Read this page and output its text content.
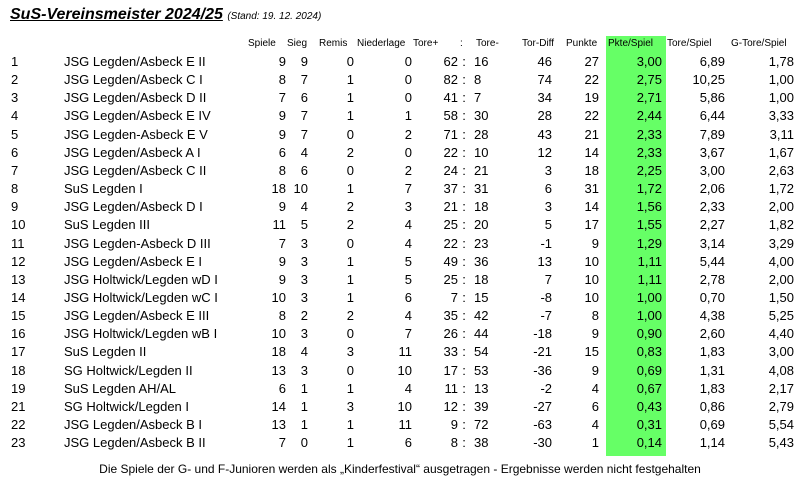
SuS-Vereinsmeister 2024/25 (Stand: 19. 12. 2024)
Spiele Sieg Remis Niederlage Tore+ : Tore- Tor-Diff Punkte Pkte/Spiel Tore/Spiel G-Tore/Spiel
1	JSG Legden/Asbeck E II	9	9	0	0	62 : 16	46	27	3,00	6,89	1,78
2	JSG Legden/Asbeck C I	8	7	1	0	82 : 8	74	22	2,75	10,25	1,00
3	JSG Legden/Asbeck D II	7	6	1	0	41 : 7	34	19	2,71	5,86	1,00
4	JSG Legden/Asbeck E IV	9	7	1	1	58 : 30	28	22	2,44	6,44	3,33
5	JSG Legden-Asbeck E V	9	7	0	2	71 : 28	43	21	2,33	7,89	3,11
6	JSG Legden/Asbeck A I	6	4	2	0	22 : 10	12	14	2,33	3,67	1,67
7	JSG Legden/Asbeck C II	8	6	0	2	24 : 21	3	18	2,25	3,00	2,63
8	SuS Legden I	18 10	1	7	37 : 31	6	31	1,72	2,06	1,72
9	JSG Legden/Asbeck D I	9	4	2	3	21 : 18	3	14	1,56	2,33	2,00
10	SuS Legden III	11	5	2	4	25 : 20	5	17	1,55	2,27	1,82
11	JSG Legden-Asbeck D III	7	3	0	4	22 : 23	-1	9	1,29	3,14	3,29
12	JSG Legden/Asbeck E I	9	3	1	5	49 : 36	13	10	1,11	5,44	4,00
13	JSG Holtwick/Legden wD I	9	3	1	5	25 : 18	7	10	1,11	2,78	2,00
14	JSG Holtwick/Legden wC I	10	3	1	6	7 : 15	-8	10	1,00	0,70	1,50
15	JSG Legden/Asbeck E III	8	2	2	4	35 : 42	-7	8	1,00	4,38	5,25
16	JSG Holtwick/Legden wB I	10	3	0	7	26 : 44	-18	9	0,90	2,60	4,40
17	SuS Legden II	18	4	3	11	33 : 54	-21	15	0,83	1,83	3,00
18	SG Holtwick/Legden II	13	3	0	10	17 : 53	-36	9	0,69	1,31	4,08
19	SuS Legden AH/AL	6	1	1	4	11 : 13	-2	4	0,67	1,83	2,17
21	SG Holtwick/Legden I	14	1	3	10	12 : 39	-27	6	0,43	0,86	2,79
22	JSG Legden/Asbeck B I	13	1	1	11	9 : 72	-63	4	0,31	0,69	5,54
23	JSG Legden/Asbeck B II	7	0	1	6	8 : 38	-30	1	0,14	1,14	5,43
Die Spiele der G- und F-Junioren werden als „Kinderfestival“ ausgetragen - Ergebnisse werden nicht festgehalten
